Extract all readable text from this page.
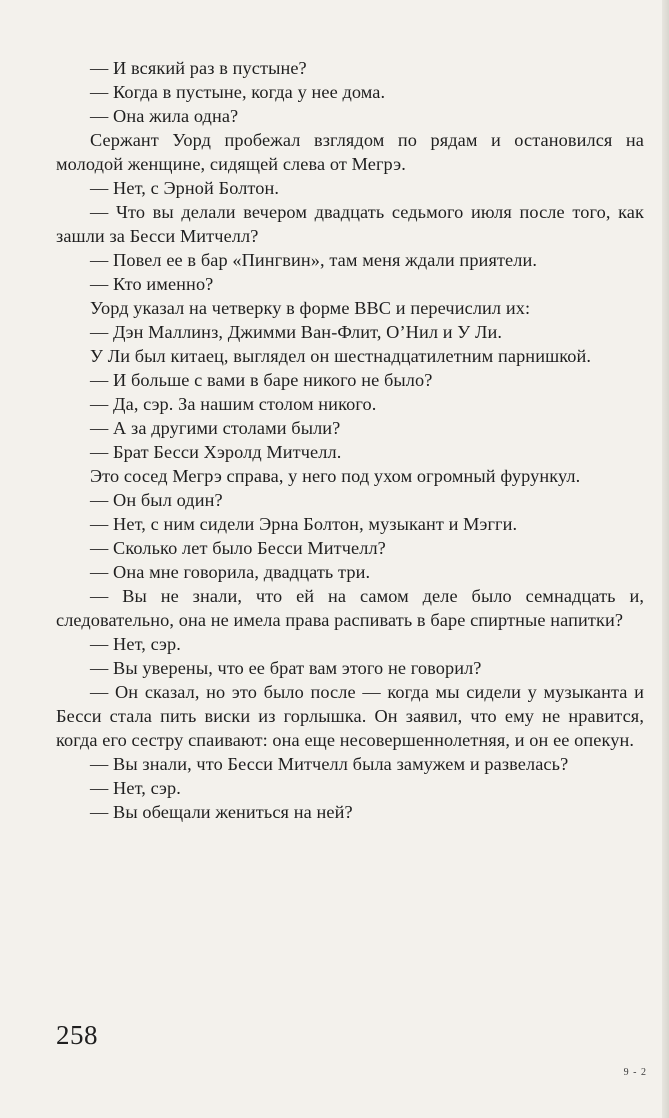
— И всякий раз в пустыне?

— Когда в пустыне, когда у нее дома.

— Она жила одна?

Сержант Уорд пробежал взглядом по рядам и остановился на молодой женщине, сидящей слева от Мегрэ.

— Нет, с Эрной Болтон.

— Что вы делали вечером двадцать седьмого июля после того, как зашли за Бесси Митчелл?

— Повел ее в бар «Пингвин», там меня ждали приятели.

— Кто именно?

Уорд указал на четверку в форме ВВС и перечислил их:

— Дэн Маллинз, Джимми Ван-Флит, О’Нил и У Ли.

У Ли был китаец, выглядел он шестнадцатилетним парнишкой.

— И больше с вами в баре никого не было?

— Да, сэр. За нашим столом никого.

— А за другими столами были?

— Брат Бесси Хэролд Митчелл.

Это сосед Мегрэ справа, у него под ухом огромный фурункул.

— Он был один?

— Нет, с ним сидели Эрна Болтон, музыкант и Мэгги.

— Сколько лет было Бесси Митчелл?

— Она мне говорила, двадцать три.

— Вы не знали, что ей на самом деле было семнадцать и, следовательно, она не имела права распивать в баре спиртные напитки?

— Нет, сэр.

— Вы уверены, что ее брат вам этого не говорил?

— Он сказал, но это было после — когда мы сидели у музыканта и Бесси стала пить виски из горлышка. Он заявил, что ему не нравится, когда его сестру спаивают: она еще несовершеннолетняя, и он ее опекун.

— Вы знали, что Бесси Митчелл была замужем и развелась?

— Нет, сэр.

— Вы обещали жениться на ней?

258
9 - 2
